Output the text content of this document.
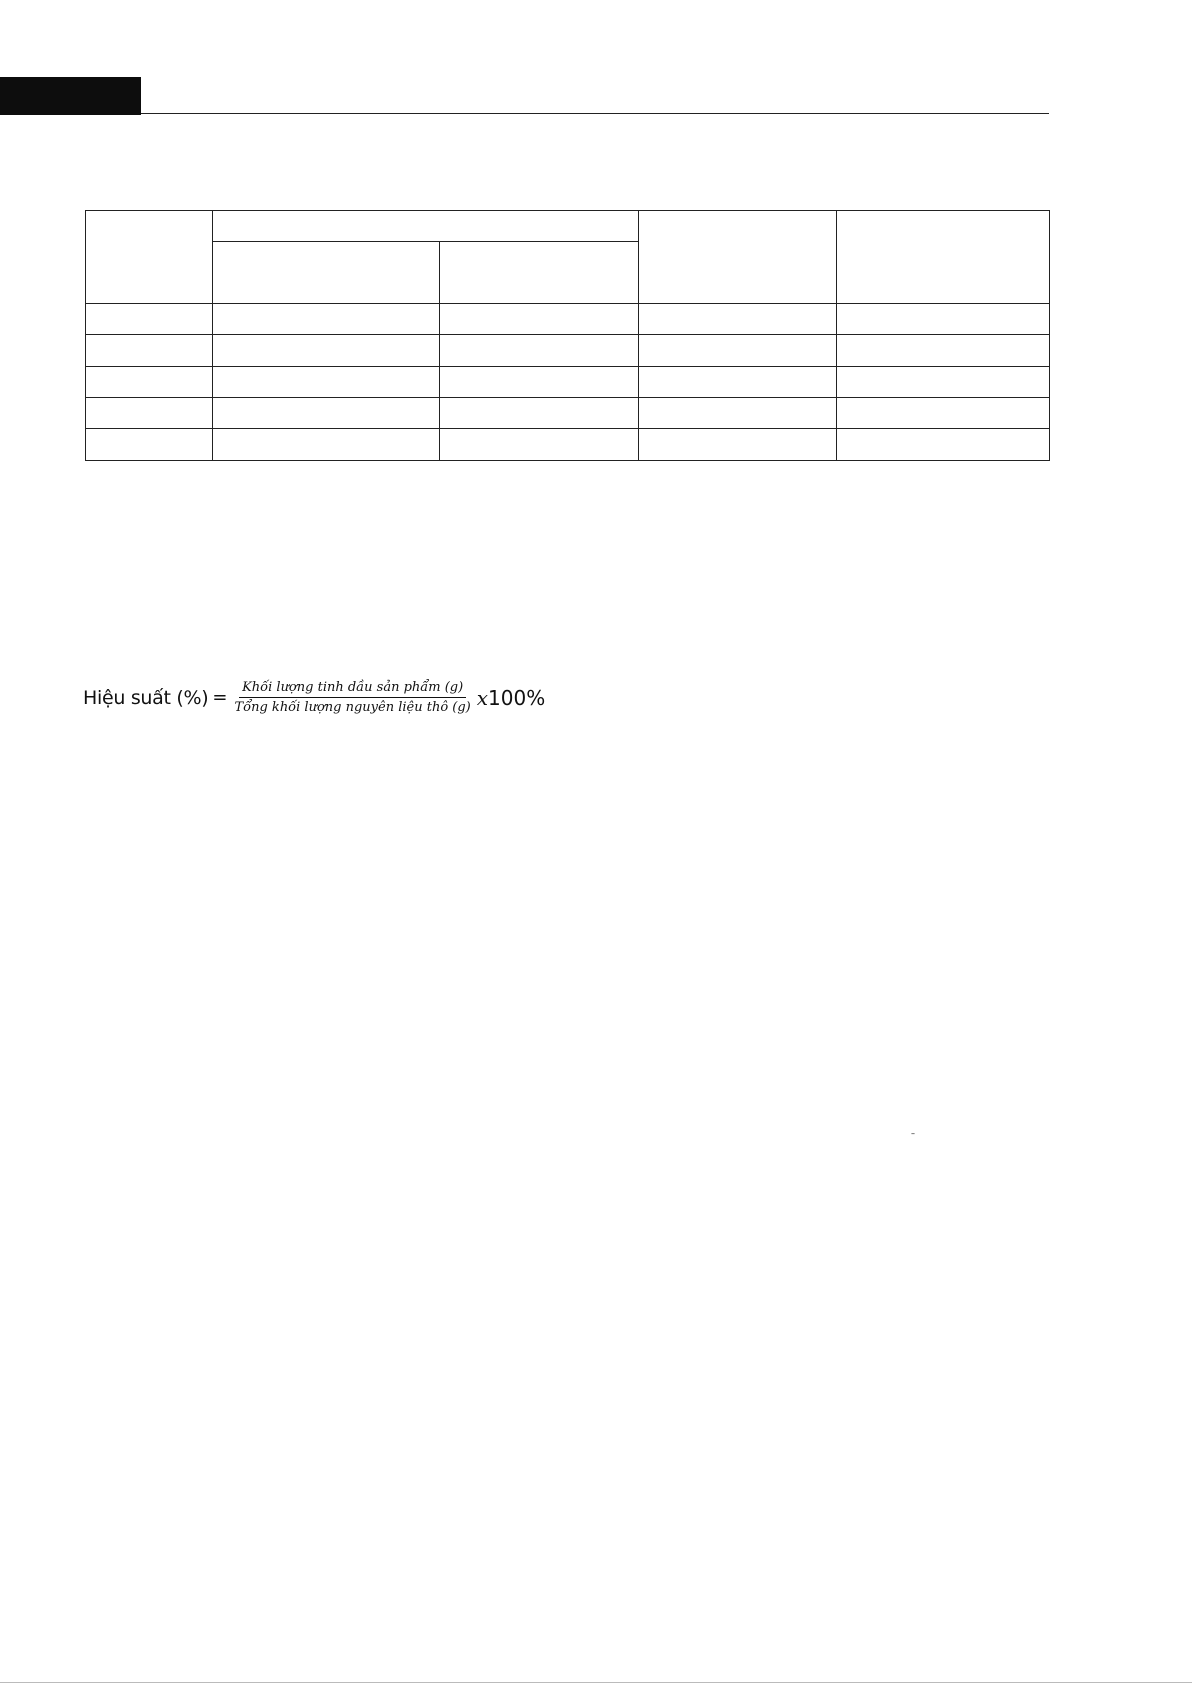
Hiệu suất (%) = $\frac{\text{Khối lượng tinh dầu sản phẩm (g)}}{\text{Tổng khối lượng nguyên liệu thô (g)}}$ x 100%
–
